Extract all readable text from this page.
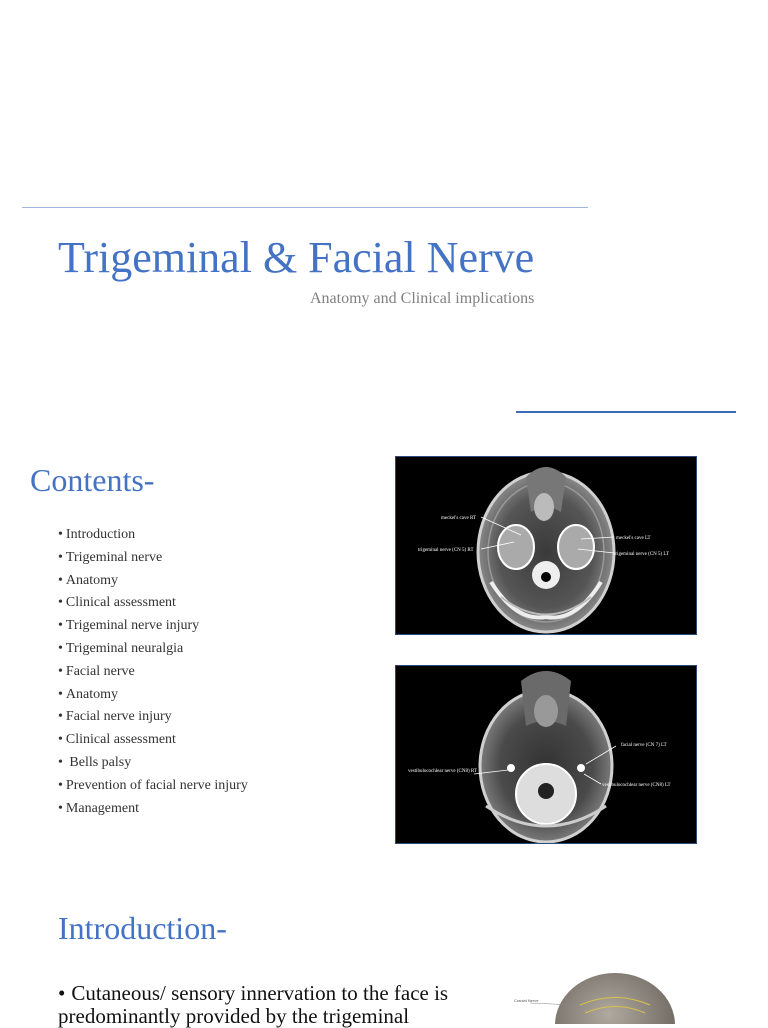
Trigeminal & Facial Nerve
Anatomy and Clinical implications
Contents-
• Introduction
• Trigeminal nerve
• Anatomy
• Clinical assessment
• Trigeminal nerve injury
• Trigeminal neuralgia
• Facial nerve
• Anatomy
• Facial nerve injury
• Clinical assessment
• Bells palsy
• Prevention of facial nerve injury
• Management
meckel's cave RT
trigeminal nerve (CN 5) RT
meckel's cave LT
trigeminal nerve (CN 5) LT
facial nerve (CN 7) LT
vestibulocochlear nerve (CN8) RT
vestibulocochlear nerve (CN8) LT
Introduction-
• Cutaneous/ sensory innervation to the face is predominantly provided by the trigeminal
Cranial Nerve
